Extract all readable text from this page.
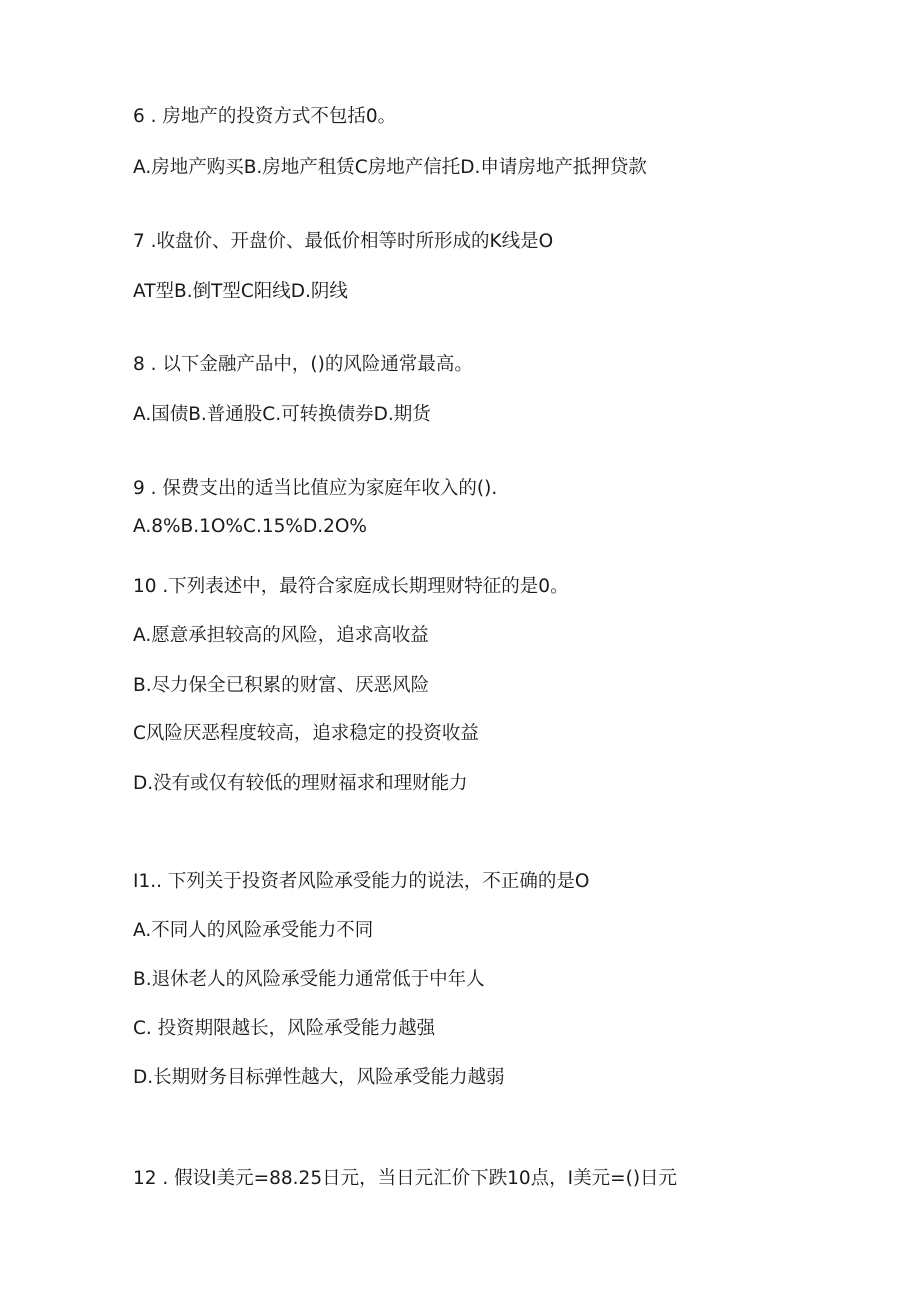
6 . 房地产的投资方式不包括0。
A.房地产购买B.房地产租赁C房地产信托D.申请房地产抵押贷款
7 .收盘价、开盘价、最低价相等时所形成的K线是O
AT型B.倒T型C阳线D.阴线
8 . 以下金融产品中，()的风险通常最高。
A.国债B.普通股C.可转换债券D.期货
9 . 保费支出的适当比值应为家庭年收入的().
A.8%B.1O%C.15%D.2O%
10 .下列表述中，最符合家庭成长期理财特征的是0。
A.愿意承担较高的风险，追求高收益
B.尽力保全已积累的财富、厌恶风险
C风险厌恶程度较高，追求稳定的投资收益
D.没有或仅有较低的理财福求和理财能力
I1.. 下列关于投资者风险承受能力的说法，不正确的是O
A.不同人的风险承受能力不同
B.退休老人的风险承受能力通常低于中年人
C. 投资期限越长，风险承受能力越强
D.长期财务目标弹性越大，风险承受能力越弱
12 . 假设I美元=88.25日元，当日元汇价下跌10点，I美元=()日元
